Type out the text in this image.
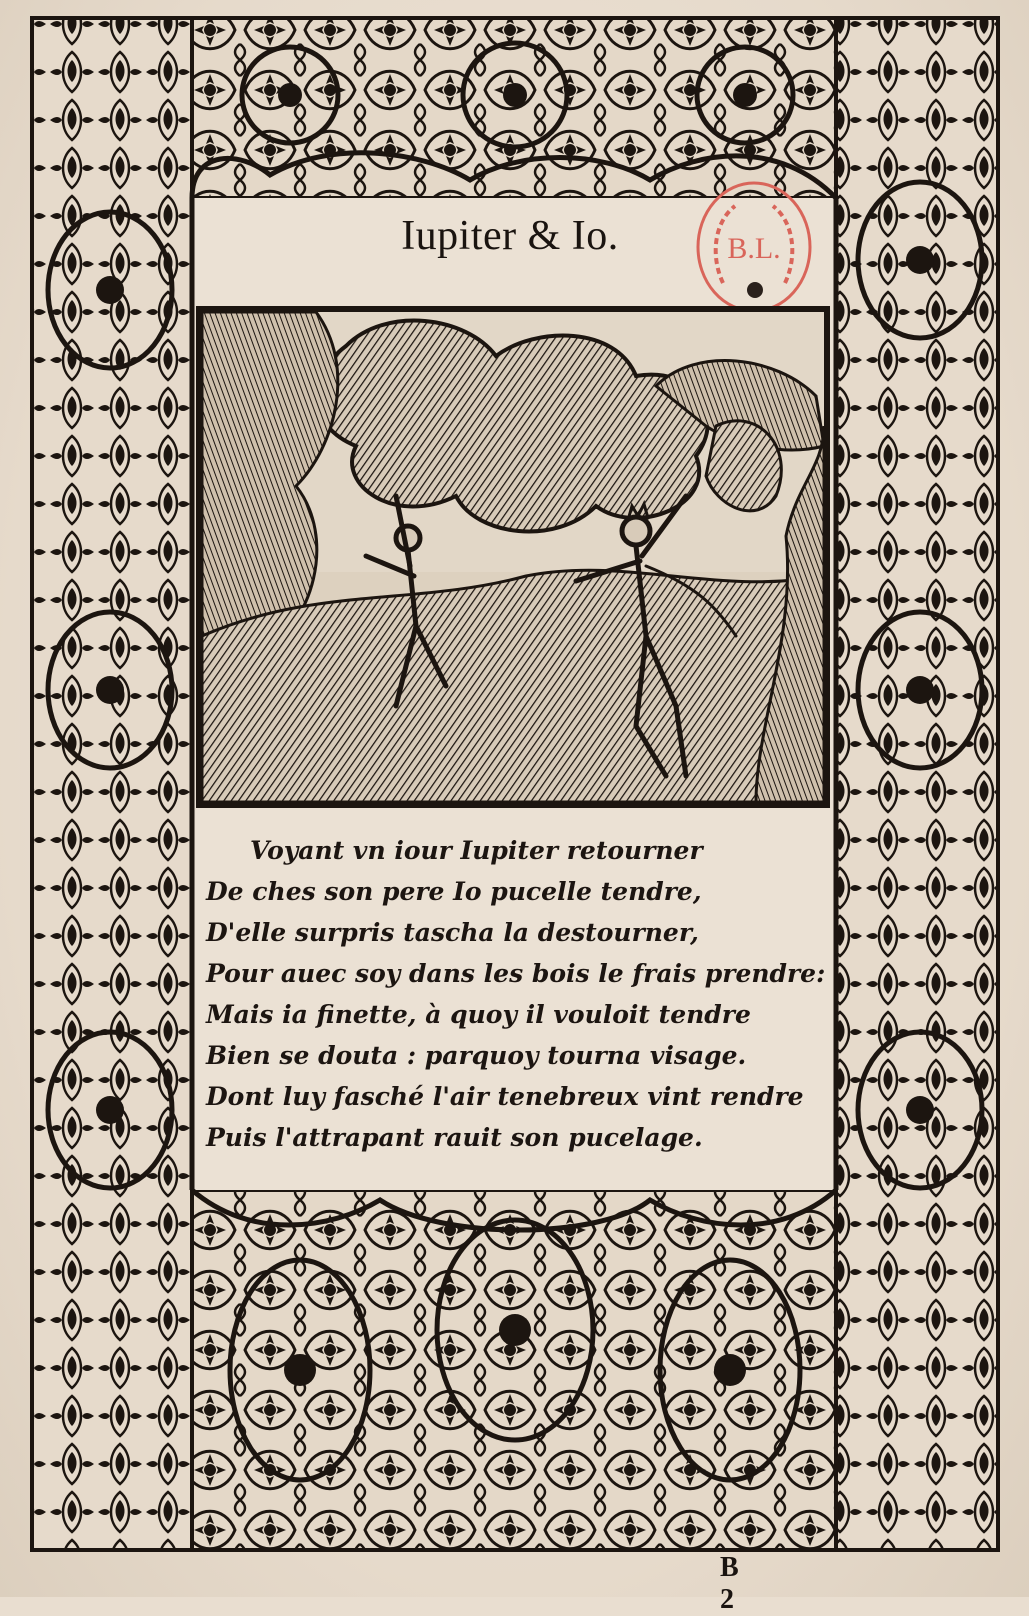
Iupiter & Io.	B.L.
Voyant vn iour Iupiter retourner
De ches son pere Io pucelle tendre,
D'elle surpris tascha la destourner,
Pour auec soy dans les bois le frais prendre:
Mais ia finette, à quoy il vouloit tendre
Bien se douta : parquoy tourna visage.
Dont luy fasché l'air tenebreux vint rendre
Puis l'attrapant rauit son pucelage.
B 2
